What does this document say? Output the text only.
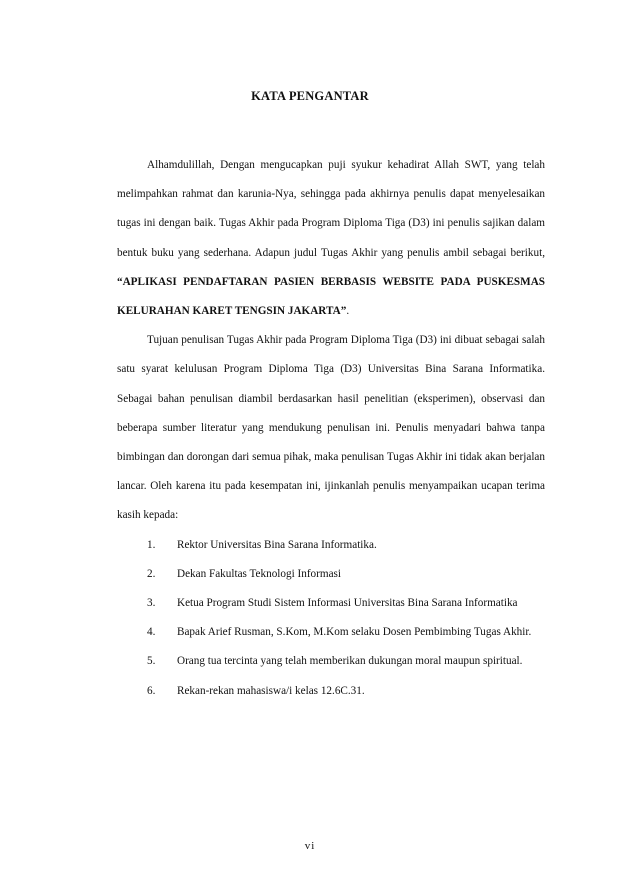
KATA PENGANTAR

Alhamdulillah, Dengan mengucapkan puji syukur kehadirat Allah SWT, yang telah melimpahkan rahmat dan karunia-Nya, sehingga pada akhirnya penulis dapat menyelesaikan tugas ini dengan baik. Tugas Akhir pada Program Diploma Tiga (D3) ini penulis sajikan dalam bentuk buku yang sederhana. Adapun judul Tugas Akhir yang penulis ambil sebagai berikut, “APLIKASI PENDAFTARAN PASIEN BERBASIS WEBSITE PADA PUSKESMAS KELURAHAN KARET TENGSIN JAKARTA”.

Tujuan penulisan Tugas Akhir pada Program Diploma Tiga (D3) ini dibuat sebagai salah satu syarat kelulusan Program Diploma Tiga (D3) Universitas Bina Sarana Informatika. Sebagai bahan penulisan diambil berdasarkan hasil penelitian (eksperimen), observasi dan beberapa sumber literatur yang mendukung penulisan ini. Penulis menyadari bahwa tanpa bimbingan dan dorongan dari semua pihak, maka penulisan Tugas Akhir ini tidak akan berjalan lancar. Oleh karena itu pada kesempatan ini, ijinkanlah penulis menyampaikan ucapan terima kasih kepada:

1.	Rektor Universitas Bina Sarana Informatika.
2.	Dekan Fakultas Teknologi Informasi
3.	Ketua Program Studi Sistem Informasi Universitas Bina Sarana Informatika
4.	Bapak Arief Rusman, S.Kom, M.Kom selaku Dosen Pembimbing Tugas Akhir.
5.	Orang tua tercinta yang telah memberikan dukungan moral maupun spiritual.
6.	Rekan-rekan mahasiswa/i kelas 12.6C.31.
vi
